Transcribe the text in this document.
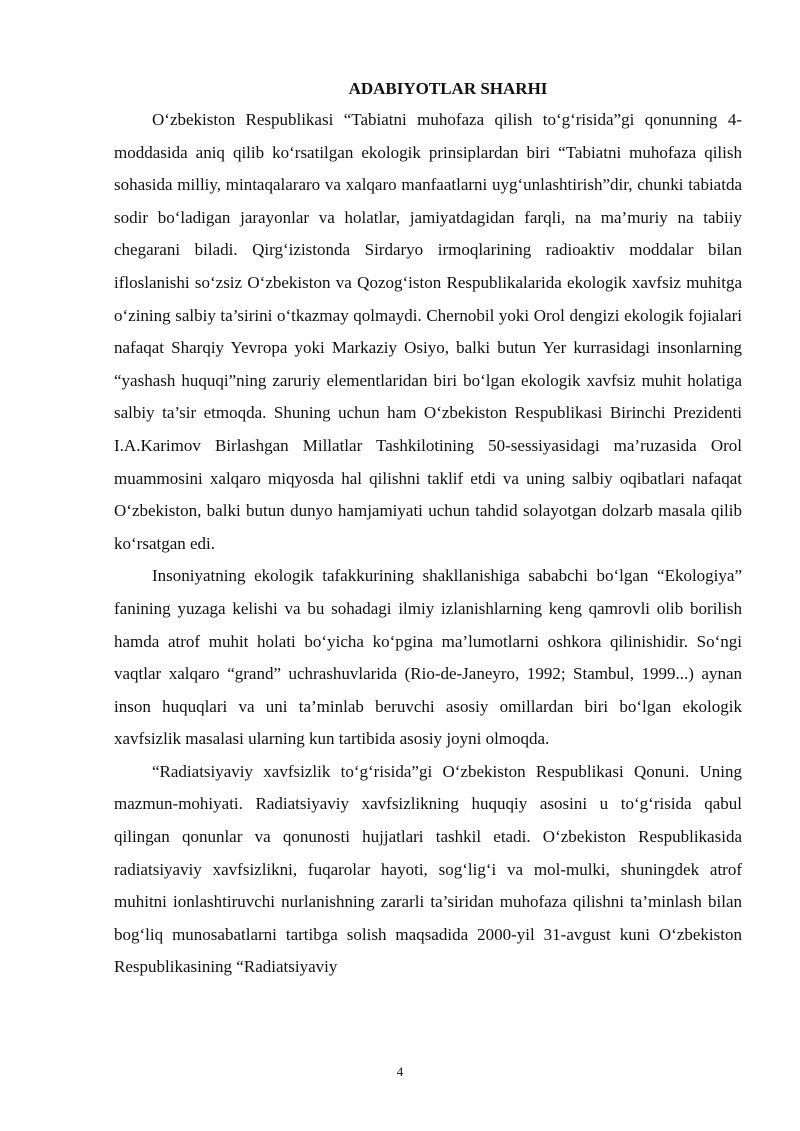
ADABIYOTLAR SHARHI

O‘zbekiston Respublikasi “Tabiatni muhofaza qilish to‘g‘risida”gi qonunning 4-moddasida aniq qilib ko‘rsatilgan ekologik prinsiplardan biri “Tabiatni muhofaza qilish sohasida milliy, mintaqalararo va xalqaro manfaatlarni uyg‘unlashtirish”dir, chunki tabiatda sodir bo‘ladigan jarayonlar va holatlar, jamiyatdagidan farqli, na ma’muriy na tabiiy chegarani biladi. Qirg‘izistonda Sirdaryo irmoqlarining radioaktiv moddalar bilan ifloslanishi so‘zsiz O‘zbekiston va Qozog‘iston Respublikalarida ekologik xavfsiz muhitga o‘zining salbiy ta’sirini o‘tkazmay qolmaydi. Chernobil yoki Orol dengizi ekologik fojialari nafaqat Sharqiy Yevropa yoki Markaziy Osiyo, balki butun Yer kurrasidagi insonlarning “yashash huquqi”ning zaruriy elementlaridan biri bo‘lgan ekologik xavfsiz muhit holatiga salbiy ta’sir etmoqda. Shuning uchun ham O‘zbekiston Respublikasi Birinchi Prezidenti I.A.Karimov Birlashgan Millatlar Tashkilotining 50-sessiyasidagi ma’ruzasida Orol muammosini xalqaro miqyosda hal qilishni taklif etdi va uning salbiy oqibatlari nafaqat O‘zbekiston, balki butun dunyo hamjamiyati uchun tahdid solayotgan dolzarb masala qilib ko‘rsatgan edi.

Insoniyatning ekologik tafakkurining shakllanishiga sababchi bo‘lgan “Ekologiya” fanining yuzaga kelishi va bu sohadagi ilmiy izlanishlarning keng qamrovli olib borilish hamda atrof muhit holati bo‘yicha ko‘pgina ma’lumotlarni oshkora qilinishidir. So‘ngi vaqtlar xalqaro “grand” uchrashuvlarida (Rio-de-Janeyro, 1992; Stambul, 1999...) aynan inson huquqlari va uni ta’minlab beruvchi asosiy omillardan biri bo‘lgan ekologik xavfsizlik masalasi ularning kun tartibida asosiy joyni olmoqda.

“Radiatsiyaviy xavfsizlik to‘g‘risida”gi O‘zbekiston Respublikasi Qonuni. Uning mazmun-mohiyati. Radiatsiyaviy xavfsizlikning huquqiy asosini u to‘g‘risida qabul qilingan qonunlar va qonunosti hujjatlari tashkil etadi. O‘zbekiston Respublikasida radiatsiyaviy xavfsizlikni, fuqarolar hayoti, sog‘lig‘i va mol-mulki, shuningdek atrof muhitni ionlashtiruvchi nurlanishning zararli ta’siridan muhofaza qilishni ta’minlash bilan bog‘liq munosabatlarni tartibga solish maqsadida 2000-yil 31-avgust kuni O‘zbekiston Respublikasining “Radiatsiyaviy

4
